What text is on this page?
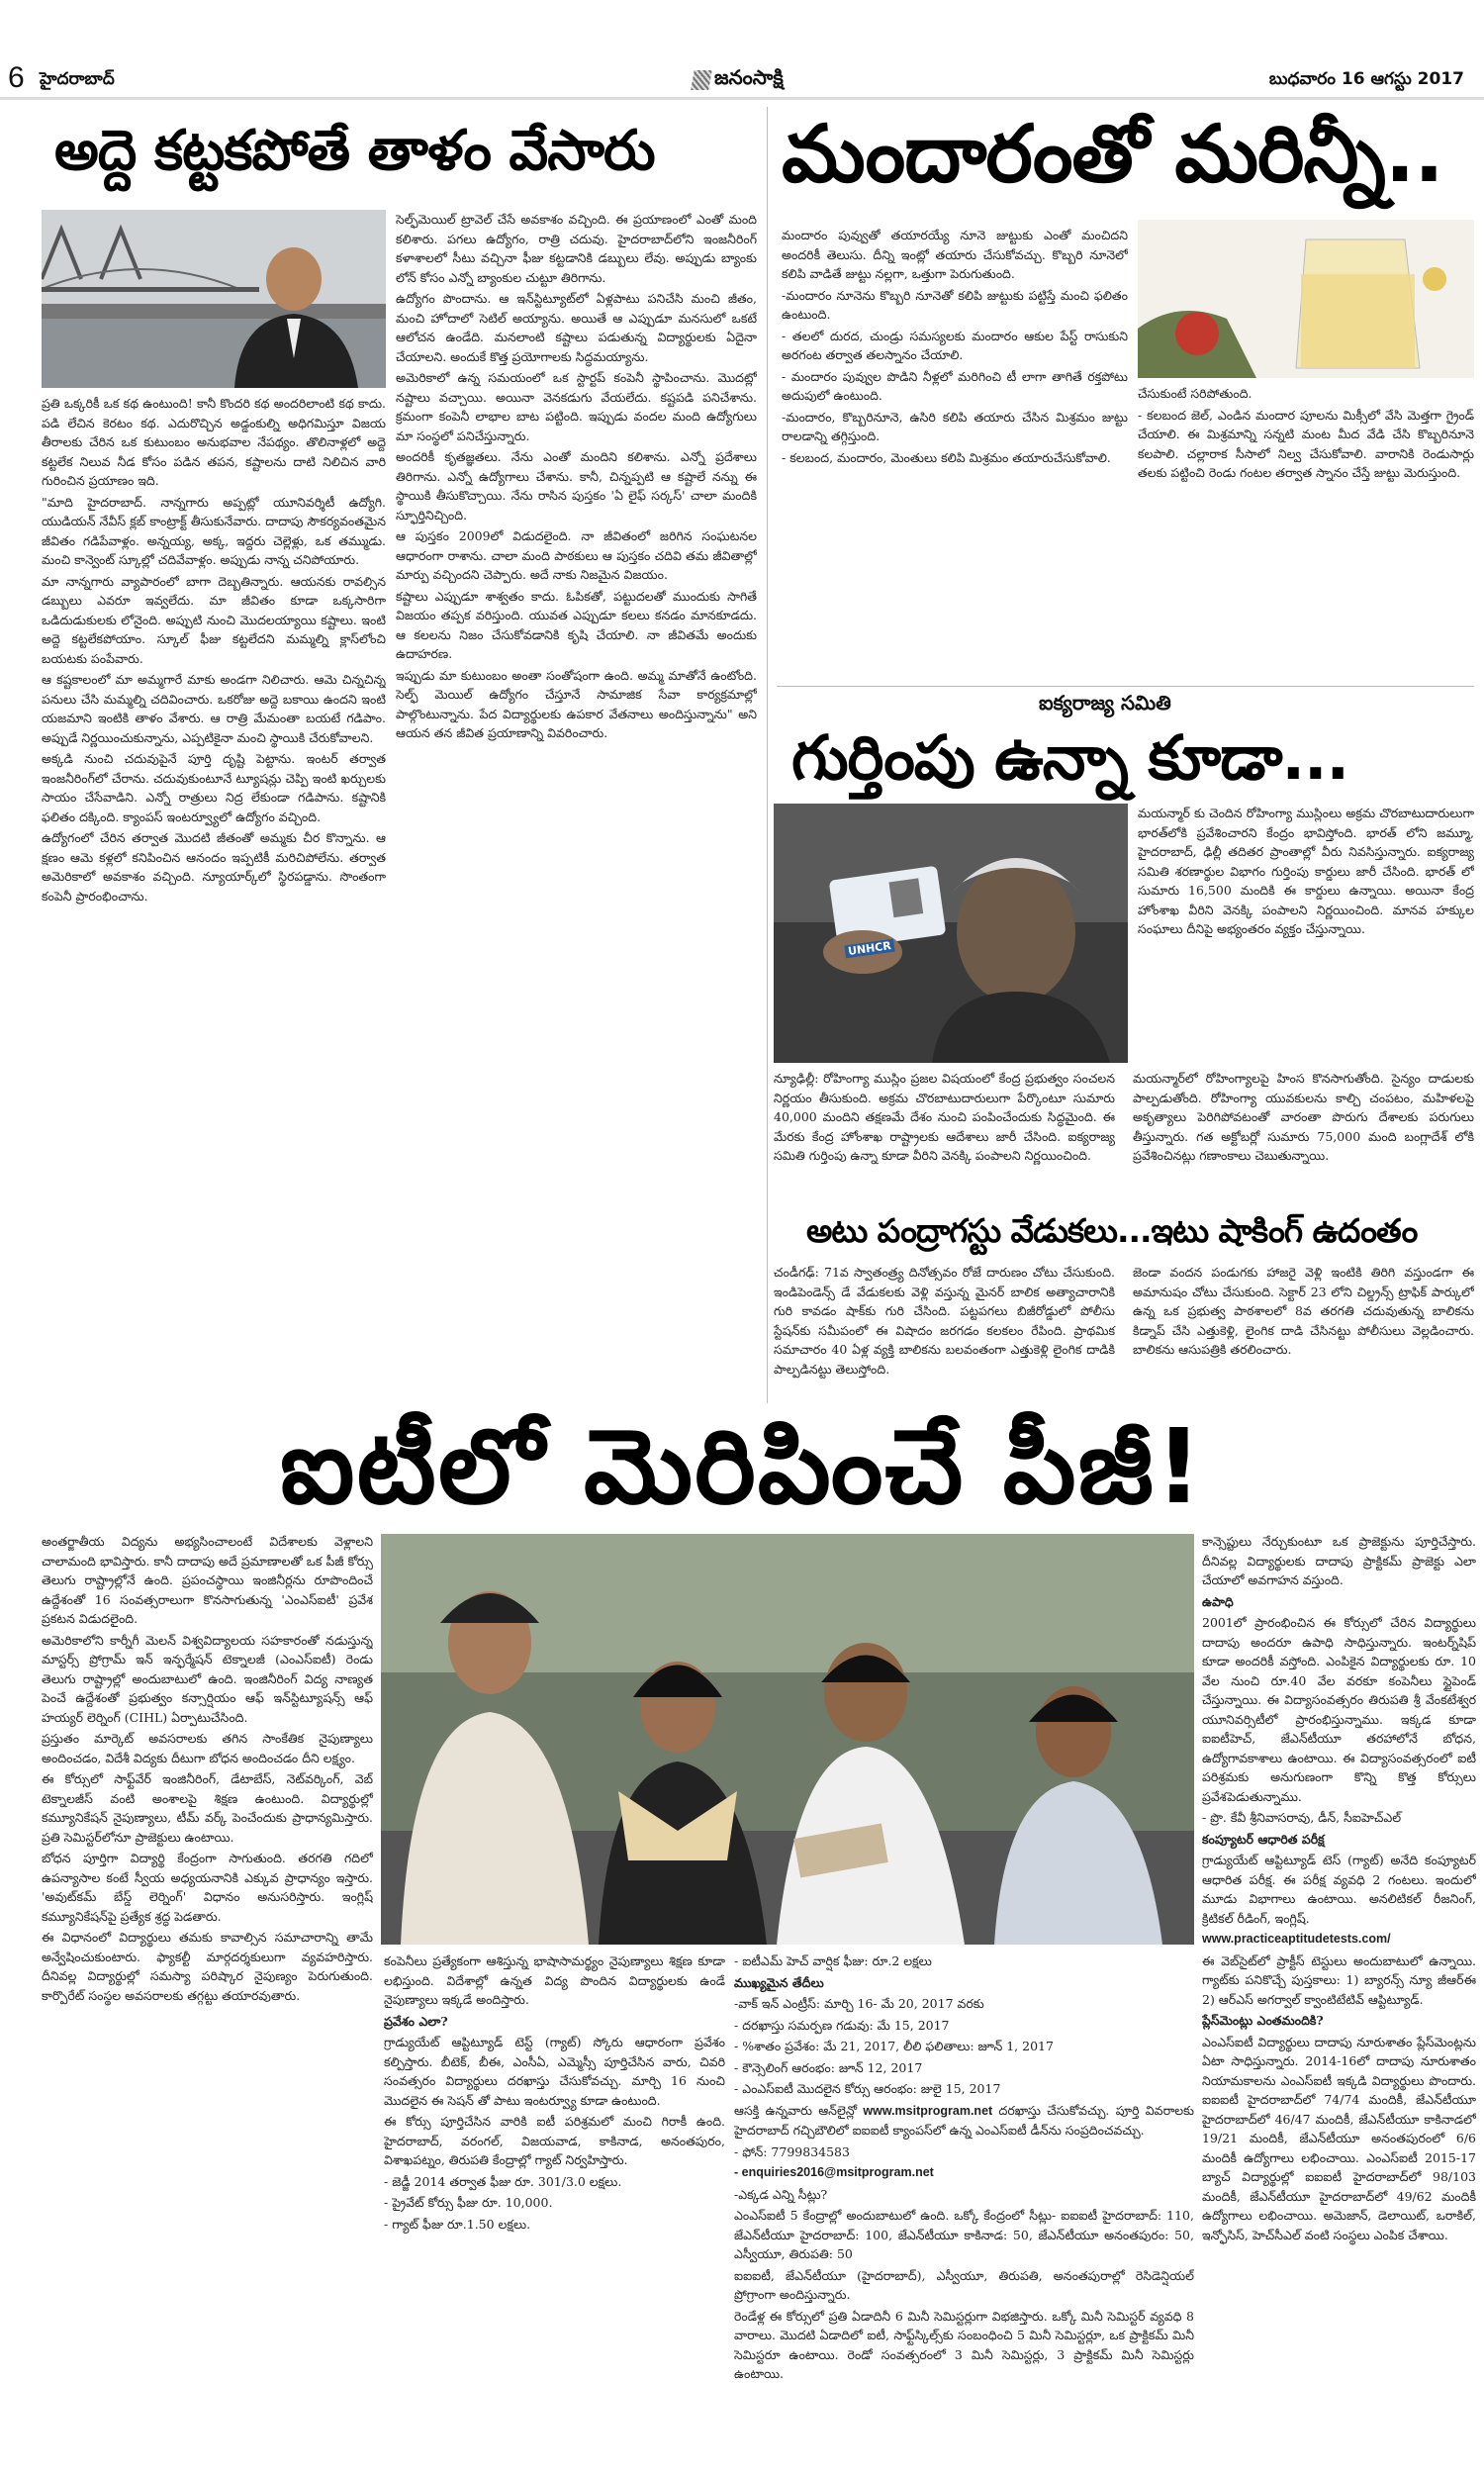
6 హైదరాబాద్	జనంసాక్షి	బుధవారం 16 ఆగస్టు 2017
అద్దె కట్టకపోతే తాళం వేసారు

ప్రతి ఒక్కరికీ ఒక కథ ఉంటుంది! కానీ కొందరి కథ అందరిలాంటి కథ కాదు. పడి లేచిన కెరటం కథ. ఎదురొచ్చిన అడ్డంకుల్ని అధిగమిస్తూ విజయ తీరాలకు చేరిన ఒక కుటుంబం అనుభవాల నేపథ్యం. తొలినాళ్లలో అద్దె కట్టలేక నిలువ నీడ కోసం పడిన తపన, కష్టాలను దాటి నిలిచిన వారి గురించిన ప్రయాణం ఇది.

"మాది హైదరాబాద్. నాన్నగారు అప్పట్లో యూనివర్శిటీ ఉద్యోగి. యుడియన్ నేవీస్ క్లబ్ కాంట్రాక్ట్ తీసుకునేవారు. దాదాపు సౌకర్యవంతమైన జీవితం గడిపేవాళ్లం. అన్నయ్య, అక్క, ఇద్దరు చెల్లెళ్లు, ఒక తమ్ముడు. మంచి కాన్వెంట్ స్కూల్లో చదివేవాళ్లం. అప్పుడు నాన్న చనిపోయారు.

మా నాన్నగారు వ్యాపారంలో బాగా దెబ్బతిన్నారు. ఆయనకు రావల్సిన డబ్బులు ఎవరూ ఇవ్వలేదు. మా జీవితం కూడా ఒక్కసారిగా ఒడిదుడుకులకు లోనైంది. అప్పుటి నుంచి మొదలయ్యాయి కష్టాలు. ఇంటి అద్దె కట్టలేకపోయాం. స్కూల్ ఫీజు కట్టలేదని మమ్మల్ని క్లాస్‌లోంచి బయటకు పంపేవారు.

ఆ కష్టకాలంలో మా అమ్మగారే మాకు అండగా నిలిచారు. ఆమె చిన్నచిన్న పనులు చేసి మమ్మల్ని చదివించారు. ఒకరోజు అద్దె బకాయి ఉందని ఇంటి యజమాని ఇంటికి తాళం వేశారు. ఆ రాత్రి మేమంతా బయటే గడిపాం. అప్పుడే నిర్ణయించుకున్నాను, ఎప్పటికైనా మంచి స్థాయికి చేరుకోవాలని.

అక్కడి నుంచి చదువుపైనే పూర్తి దృష్టి పెట్టాను. ఇంటర్ తర్వాత ఇంజనీరింగ్‌లో చేరాను. చదువుకుంటూనే ట్యూషన్లు చెప్పి ఇంటి ఖర్చులకు సాయం చేసేవాడిని. ఎన్నో రాత్రులు నిద్ర లేకుండా గడిపాను. కష్టానికి ఫలితం దక్కింది. క్యాంపస్ ఇంటర్వ్యూలో ఉద్యోగం వచ్చింది.

ఉద్యోగంలో చేరిన తర్వాత మొదటి జీతంతో అమ్మకు చీర కొన్నాను. ఆ క్షణం ఆమె కళ్లలో కనిపించిన ఆనందం ఇప్పటికీ మరిచిపోలేను. తర్వాత అమెరికాలో అవకాశం వచ్చింది. న్యూయార్క్‌లో స్థిరపడ్డాను. సొంతంగా కంపెనీ ప్రారంభించాను.

సెల్ఫ్‌మెయిల్ ట్రావెల్ చేసే అవకాశం వచ్చింది. ఈ ప్రయాణంలో ఎంతో మంది కలిశారు. పగలు ఉద్యోగం, రాత్రి చదువు. హైదరాబాద్‌లోని ఇంజనీరింగ్ కళాశాలలో సీటు వచ్చినా ఫీజు కట్టడానికి డబ్బులు లేవు. అప్పుడు బ్యాంకు లోన్ కోసం ఎన్నో బ్యాంకుల చుట్టూ తిరిగాను.

ఉద్యోగం పొందాను. ఆ ఇన్‌స్టిట్యూట్‌లో ఏళ్లపాటు పనిచేసి మంచి జీతం, మంచి హోదాలో సెటిల్ అయ్యాను. అయితే ఆ ఎప్పుడూ మనసులో ఒకటే ఆలోచన ఉండేది. మనలాంటి కష్టాలు పడుతున్న విద్యార్థులకు ఏదైనా చేయాలని. అందుకే కొత్త ప్రయోగాలకు సిద్ధమయ్యాను.

అమెరికాలో ఉన్న సమయంలో ఒక స్టార్టప్ కంపెనీ స్థాపించాను. మొదట్లో నష్టాలు వచ్చాయి. అయినా వెనకడుగు వేయలేదు. కష్టపడి పనిచేశాను. క్రమంగా కంపెనీ లాభాల బాట పట్టింది. ఇప్పుడు వందల మంది ఉద్యోగులు మా సంస్థలో పనిచేస్తున్నారు.

అందరికీ కృతజ్ఞతలు. నేను ఎంతో మందిని కలిశాను. ఎన్నో ప్రదేశాలు తిరిగాను. ఎన్నో ఉద్యోగాలు చేశాను. కానీ, చిన్నప్పటి ఆ కష్టాలే నన్ను ఈ స్థాయికి తీసుకొచ్చాయి. నేను రాసిన పుస్తకం 'ఏ లైఫ్ సర్కస్' చాలా మందికి స్ఫూర్తినిచ్చింది.

ఆ పుస్తకం 2009లో విడుదలైంది. నా జీవితంలో జరిగిన సంఘటనల ఆధారంగా రాశాను. చాలా మంది పాఠకులు ఆ పుస్తకం చదివి తమ జీవితాల్లో మార్పు వచ్చిందని చెప్పారు. అదే నాకు నిజమైన విజయం.

కష్టాలు ఎప్పుడూ శాశ్వతం కాదు. ఓపికతో, పట్టుదలతో ముందుకు సాగితే విజయం తప్పక వరిస్తుంది. యువత ఎప్పుడూ కలలు కనడం మానకూడదు. ఆ కలలను నిజం చేసుకోవడానికి కృషి చేయాలి. నా జీవితమే అందుకు ఉదాహరణ.

ఇప్పుడు మా కుటుంబం అంతా సంతోషంగా ఉంది. అమ్మ మాతోనే ఉంటోంది. సెల్ఫ్ మెయిల్ ఉద్యోగం చేస్తూనే సామాజిక సేవా కార్యక్రమాల్లో పాల్గొంటున్నాను. పేద విద్యార్థులకు ఉపకార వేతనాలు అందిస్తున్నాను" అని ఆయన తన జీవిత ప్రయాణాన్ని వివరించారు.

మందారంతో మరిన్నీ..

మందారం పువ్వుతో తయారయ్యే నూనె జుట్టుకు ఎంతో మంచిదని అందరికీ తెలుసు. దీన్ని ఇంట్లో తయారు చేసుకోవచ్చు. కొబ్బరి నూనెలో కలిపి వాడితే జుట్టు నల్లగా, ఒత్తుగా పెరుగుతుంది.

-మందారం నూనెను కొబ్బరి నూనెతో కలిపి జుట్టుకు పట్టిస్తే మంచి ఫలితం ఉంటుంది.

- తలలో దురద, చుండ్రు సమస్యలకు మందారం ఆకుల పేస్ట్ రాసుకుని అరగంట తర్వాత తలస్నానం చేయాలి.

- మందారం పువ్వుల పొడిని నీళ్లలో మరిగించి టీ లాగా తాగితే రక్తపోటు అదుపులో ఉంటుంది.

-మందారం, కొబ్బరినూనె, ఉసిరి కలిపి తయారు చేసిన మిశ్రమం జుట్టు రాలడాన్ని తగ్గిస్తుంది.

- కలబంద, మందారం, మెంతులు కలిపి మిశ్రమం తయారుచేసుకోవాలి.

చేసుకుంటే సరిపోతుంది.

- కలబంద జెల్, ఎండిన మందార పూలను మిక్సీలో వేసి మెత్తగా గ్రైండ్ చేయాలి. ఈ మిశ్రమాన్ని సన్నటి మంట మీద వేడి చేసి కొబ్బరినూనె కలపాలి. చల్లారాక సీసాలో నిల్వ చేసుకోవాలి. వారానికి రెండుసార్లు తలకు పట్టించి రెండు గంటల తర్వాత స్నానం చేస్తే జుట్టు మెరుస్తుంది.

ఐక్యరాజ్య సమితి
గుర్తింపు ఉన్నా కూడా...
UNHCR

మయన్మార్ కు చెందిన రోహింగ్యా ముస్లింలు అక్రమ చొరబాటుదారులుగా భారత్‌లోకి ప్రవేశించారని కేంద్రం భావిస్తోంది. భారత్ లోని జమ్మూ, హైదరాబాద్, ఢిల్లీ తదితర ప్రాంతాల్లో వీరు నివసిస్తున్నారు. ఐక్యరాజ్య సమితి శరణార్థుల విభాగం గుర్తింపు కార్డులు జారీ చేసింది. భారత్ లో సుమారు 16,500 మందికి ఈ కార్డులు ఉన్నాయి. అయినా కేంద్ర హోంశాఖ వీరిని వెనక్కి పంపాలని నిర్ణయించింది. మానవ హక్కుల సంఘాలు దీనిపై అభ్యంతరం వ్యక్తం చేస్తున్నాయి.

న్యూఢిల్లీ: రోహింగ్యా ముస్లిం ప్రజల విషయంలో కేంద్ర ప్రభుత్వం సంచలన నిర్ణయం తీసుకుంది. అక్రమ చొరబాటుదారులుగా పేర్కొంటూ సుమారు 40,000 మందిని తక్షణమే దేశం నుంచి పంపించేందుకు సిద్ధమైంది. ఈ మేరకు కేంద్ర హోంశాఖ రాష్ట్రాలకు ఆదేశాలు జారీ చేసింది. ఐక్యరాజ్య సమితి గుర్తింపు ఉన్నా కూడా వీరిని వెనక్కి పంపాలని నిర్ణయించింది.

మయన్మార్‌లో రోహింగ్యాలపై హింస కొనసాగుతోంది. సైన్యం దాడులకు పాల్పడుతోంది. రోహింగ్యా యువకులను కాల్చి చంపటం, మహిళలపై అకృత్యాలు పెరిగిపోవటంతో వారంతా పొరుగు దేశాలకు పరుగులు తీస్తున్నారు. గత అక్టోబర్లో సుమారు 75,000 మంది బంగ్లాదేశ్ లోకి ప్రవేశించినట్లు గణాంకాలు చెబుతున్నాయి.

అటు పంద్రాగస్టు వేడుకలు...ఇటు షాకింగ్ ఉదంతం

చండీగఢ్: 71వ స్వాతంత్ర్య దినోత్సవం రోజే దారుణం చోటు చేసుకుంది. ఇండిపెండెన్స్ డే వేడుకలకు వెళ్లి వస్తున్న మైనర్ బాలిక అత్యాచారానికి గురి కావడం షాక్‌కు గురి చేసింది. పట్టపగలు బిజీరోడ్డులో పోలీసు స్టేషన్‌కు సమీపంలో ఈ విషాదం జరగడం కలకలం రేపింది. ప్రాథమిక సమాచారం 40 ఏళ్ల వ్యక్తి బాలికను బలవంతంగా ఎత్తుకెళ్లి లైంగిక దాడికి పాల్పడినట్టు తెలుస్తోంది.

జెండా వందన పండుగకు హాజరై వెళ్లి ఇంటికి తిరిగి వస్తుండగా ఈ అమానుషం చోటు చేసుకుంది. సెక్టార్ 23 లోని చిల్డ్రన్స్ ట్రాఫిక్ పార్కులో ఉన్న ఒక ప్రభుత్వ పాఠశాలలో 8వ తరగతి చదువుతున్న బాలికను కిడ్నాప్ చేసి ఎత్తుకెళ్లి, లైంగిక దాడి చేసినట్టు పోలీసులు వెల్లడించారు. బాలికను ఆసుపత్రికి తరలించారు.

ఐటీలో మెరిపించే పీజీ!

అంతర్జాతీయ విద్యను అభ్యసించాలంటే విదేశాలకు వెళ్లాలని చాలామంది భావిస్తారు. కానీ దాదాపు అదే ప్రమాణాలతో ఒక పీజీ కోర్సు తెలుగు రాష్ట్రాల్లోనే ఉంది. ప్రపంచస్థాయి ఇంజినీర్లను రూపొందించే ఉద్దేశంతో 16 సంవత్సరాలుగా కొనసాగుతున్న 'ఎంఎస్‌ఐటీ' ప్రవేశ ప్రకటన విడుదలైంది.

అమెరికాలోని కార్నీగీ మెలన్ విశ్వవిద్యాలయ సహకారంతో నడుస్తున్న మాస్టర్స్ ప్రోగ్రామ్ ఇన్ ఇన్ఫర్మేషన్ టెక్నాలజీ (ఎంఎస్‌ఐటీ) రెండు తెలుగు రాష్ట్రాల్లో అందుబాటులో ఉంది. ఇంజినీరింగ్ విద్య నాణ్యత పెంచే ఉద్దేశంతో ప్రభుత్వం కన్సార్షియం ఆఫ్ ఇన్‌స్టిట్యూషన్స్ ఆఫ్ హయ్యర్ లెర్నింగ్ (CIHL) ఏర్పాటుచేసింది.

ప్రస్తుతం మార్కెట్ అవసరాలకు తగిన సాంకేతిక నైపుణ్యాలు అందించడం, విదేశీ విద్యకు దీటుగా బోధన అందించడం దీని లక్ష్యం.

ఈ కోర్సులో సాఫ్ట్‌వేర్ ఇంజినీరింగ్, డేటాబేస్, నెట్‌వర్కింగ్, వెబ్ టెక్నాలజీస్ వంటి అంశాలపై శిక్షణ ఉంటుంది. విద్యార్థుల్లో కమ్యూనికేషన్ నైపుణ్యాలు, టీమ్ వర్క్ పెంచేందుకు ప్రాధాన్యమిస్తారు. ప్రతి సెమిస్టర్‌లోనూ ప్రాజెక్టులు ఉంటాయి.

బోధన పూర్తిగా విద్యార్థి కేంద్రంగా సాగుతుంది. తరగతి గదిలో ఉపన్యాసాల కంటే స్వీయ అధ్యయనానికి ఎక్కువ ప్రాధాన్యం ఇస్తారు. 'అవుట్‌కమ్ బేస్డ్ లెర్నింగ్' విధానం అనుసరిస్తారు. ఇంగ్లిష్ కమ్యూనికేషన్‌పై ప్రత్యేక శ్రద్ధ పెడతారు.

ఈ విధానంలో విద్యార్థులు తమకు కావాల్సిన సమాచారాన్ని తామే అన్వేషించుకుంటారు. ఫ్యాకల్టీ మార్గదర్శకులుగా వ్యవహరిస్తారు. దీనివల్ల విద్యార్థుల్లో సమస్యా పరిష్కార నైపుణ్యం పెరుగుతుంది. కార్పొరేట్ సంస్థల అవసరాలకు తగ్గట్టు తయారవుతారు.

కంపెనీలు ప్రత్యేకంగా ఆశిస్తున్న భాషాసామర్థ్యం నైపుణ్యాలు శిక్షణ కూడా లభిస్తుంది. విదేశాల్లో ఉన్నత విద్య పొందిన విద్యార్థులకు ఉండే నైపుణ్యాలు ఇక్కడే అందిస్తారు.

ప్రవేశం ఎలా?

గ్రాడ్యుయేట్ ఆప్టిట్యూడ్ టెస్ట్ (గ్యాట్) స్కోరు ఆధారంగా ప్రవేశం కల్పిస్తారు. బీటెక్, బీఈ, ఎంసీఏ, ఎమ్మెస్సీ పూర్తిచేసిన వారు, చివరి సంవత్సరం విద్యార్థులు దరఖాస్తు చేసుకోవచ్చు. మార్చి 16 నుంచి మొదలైన ఈ సెషన్ తో పాటు ఇంటర్వ్యూ కూడా ఉంటుంది.

ఈ కోర్సు పూర్తిచేసిన వారికి ఐటీ పరిశ్రమలో మంచి గిరాకీ ఉంది. హైదరాబాద్, వరంగల్, విజయవాడ, కాకినాడ, అనంతపురం, విశాఖపట్నం, తిరుపతి కేంద్రాల్లో గ్యాట్ నిర్వహిస్తారు.

- జెడ్జీ 2014 తర్వాత ఫీజు రూ. 301/3.0 లక్షలు.

- ప్రైవేట్ కోర్సు ఫీజు రూ. 10,000.

- గ్యాట్ ఫీజు రూ.1.50 లక్షలు.

- ఐటీఎమ్ హెచ్ వార్షిక ఫీజు: రూ.2 లక్షలు

ముఖ్యమైన తేదీలు

-వాక్ ఇన్ ఎంట్రీస్: మార్చి 16- మే 20, 2017 వరకు

- దరఖాస్తు సమర్పణ గడువు: మే 15, 2017

- %శాతం ప్రవేశం: మే 21, 2017, లీలి ఫలితాలు: జూన్ 1, 2017

- కౌన్సెలింగ్ ఆరంభం: జూన్ 12, 2017

- ఎంఎస్‌ఐటీ మొదలైన కోర్సు ఆరంభం: జులై 15, 2017

ఆసక్తి ఉన్నవారు ఆన్‌లైన్లో www.msitprogram.net దరఖాస్తు చేసుకోవచ్చు. పూర్తి వివరాలకు హైదరాబాద్ గచ్చిబౌలిలో ఐఐఐటీ క్యాంపస్‌లో ఉన్న ఎంఎస్‌ఐటీ డీన్‌ను సంప్రదించవచ్చు.

- ఫోన్: 7799834583

- enquiries2016@msitprogram.net

-ఎక్కడ ఎన్ని సీట్లు?

ఎంఎస్‌ఐటీ 5 కేంద్రాల్లో అందుబాటులో ఉంది. ఒక్కో కేంద్రంలో సీట్లు- ఐఐఐటీ హైదరాబాద్: 110, జేఎన్‌టీయూ హైదరాబాద్: 100, జేఎన్‌టీయూ కాకినాడ: 50, జేఎన్‌టీయూ అనంతపురం: 50, ఎస్వీయూ, తిరుపతి: 50

ఐఐఐటీ, జేఎన్‌టీయూ (హైదరాబాద్), ఎస్వీయూ, తిరుపతి, అనంతపురాల్లో రెసిడెన్షియల్ ప్రోగ్రాంగా అందిస్తున్నారు.

రెండేళ్ల ఈ కోర్సులో ప్రతి ఏడాదినీ 6 మినీ సెమిస్టర్లుగా విభజిస్తారు. ఒక్కో మినీ సెమిస్టర్ వ్యవధి 8 వారాలు. మొదటి ఏడాదిలో ఐటీ, సాఫ్ట్‌స్కిల్స్‌కు సంబంధించి 5 మినీ సెమిస్టర్లూ, ఒక ప్రాక్టికమ్ మినీ సెమిస్టరూ ఉంటాయి. రెండో సంవత్సరంలో 3 మినీ సెమిస్టర్లు, 3 ప్రాక్టికమ్ మినీ సెమిస్టర్లు ఉంటాయి.

కాన్సెప్టులు నేర్చుకుంటూ ఒక ప్రాజెక్టును పూర్తిచేస్తారు. దీనివల్ల విద్యార్థులకు దాదాపు ప్రాక్టికమ్ ప్రాజెక్టు ఎలా చేయాలో అవగాహన వస్తుంది.

ఉపాధి

2001లో ప్రారంభించిన ఈ కోర్సులో చేరిన విద్యార్థులు దాదాపు అందరూ ఉపాధి సాధిస్తున్నారు. ఇంటర్న్‌షిప్ కూడా అందరికీ వస్తోంది. ఎంపికైన విద్యార్థులకు రూ. 10 వేల నుంచి రూ.40 వేల వరకూ కంపెనీలు స్టైపెండ్ చేస్తున్నాయి. ఈ విద్యాసంవత్సరం తిరుపతి శ్రీ వేంకటేశ్వర యూనివర్సిటీలో ప్రారంభిస్తున్నాము. ఇక్కడ కూడా ఐఐటీహెచ్, జేఎన్‌టీయూ తరహాలోనే బోధన, ఉద్యోగావకాశాలు ఉంటాయి. ఈ విద్యాసంవత్సరంలో ఐటీ పరిశ్రమకు అనుగుణంగా కొన్ని కొత్త కోర్సులు ప్రవేశపెడుతున్నాము.

- ప్రొ. కేవీ శ్రీనివాసరావు, డీన్, సీఐహెచ్ఎల్

కంప్యూటర్ ఆధారిత పరీక్ష

గ్రాడ్యుయేట్ ఆప్టిట్యూడ్ టెస్ (గ్యాట్) అనేది కంప్యూటర్ ఆధారిత పరీక్ష. ఈ పరీక్ష వ్యవధి 2 గంటలు. ఇందులో మూడు విభాగాలు ఉంటాయి. అనలిటికల్ రీజనింగ్, క్రిటికల్ రీడింగ్, ఇంగ్లిష్.

www.practiceaptitudetests.com/

ఈ వెబ్‌సైట్‌లో ప్రాక్టీస్ టెస్టులు అందుబాటులో ఉన్నాయి. గ్యాట్‌కు పనికొచ్చే పుస్తకాలు: 1) బ్యారన్స్ న్యూ జీఆర్ఈ 2) ఆర్‌ఎస్ అగర్వాల్ క్వాంటిటేటివ్ ఆప్టిట్యూడ్.

ప్లేస్‌మెంట్లు ఎంతమందికి?

ఎంఎస్‌ఐటీ విద్యార్థులు దాదాపు నూరుశాతం ప్లేస్‌మెంట్లను ఏటా సాధిస్తున్నారు. 2014-16లో దాదాపు నూరుశాతం నియామకాలను ఎంఎస్‌ఐటీ ఇక్కడి విద్యార్థులు పొందారు. ఐఐఐటీ హైదరాబాద్‌లో 74/74 మందికీ, జేఎన్‌టీయూ హైదరాబాద్‌లో 46/47 మందికీ, జేఎన్‌టీయూ కాకినాడలో 19/21 మందికీ, జేఎన్‌టీయూ అనంతపురంలో 6/6 మందికీ ఉద్యోగాలు లభించాయి. ఎంఎస్‌ఐటీ 2015-17 బ్యాచ్ విద్యార్థుల్లో ఐఐఐటీ హైదరాబాద్‌లో 98/103 మందికీ, జేఎన్‌టీయూ హైదరాబాద్‌లో 49/62 మందికీ ఉద్యోగాలు లభించాయి. అమెజాన్, డెలాయిట్, ఒరాకిల్, ఇన్ఫోసిస్, హెచ్‌సీఎల్ వంటి సంస్థలు ఎంపిక చేశాయి.
